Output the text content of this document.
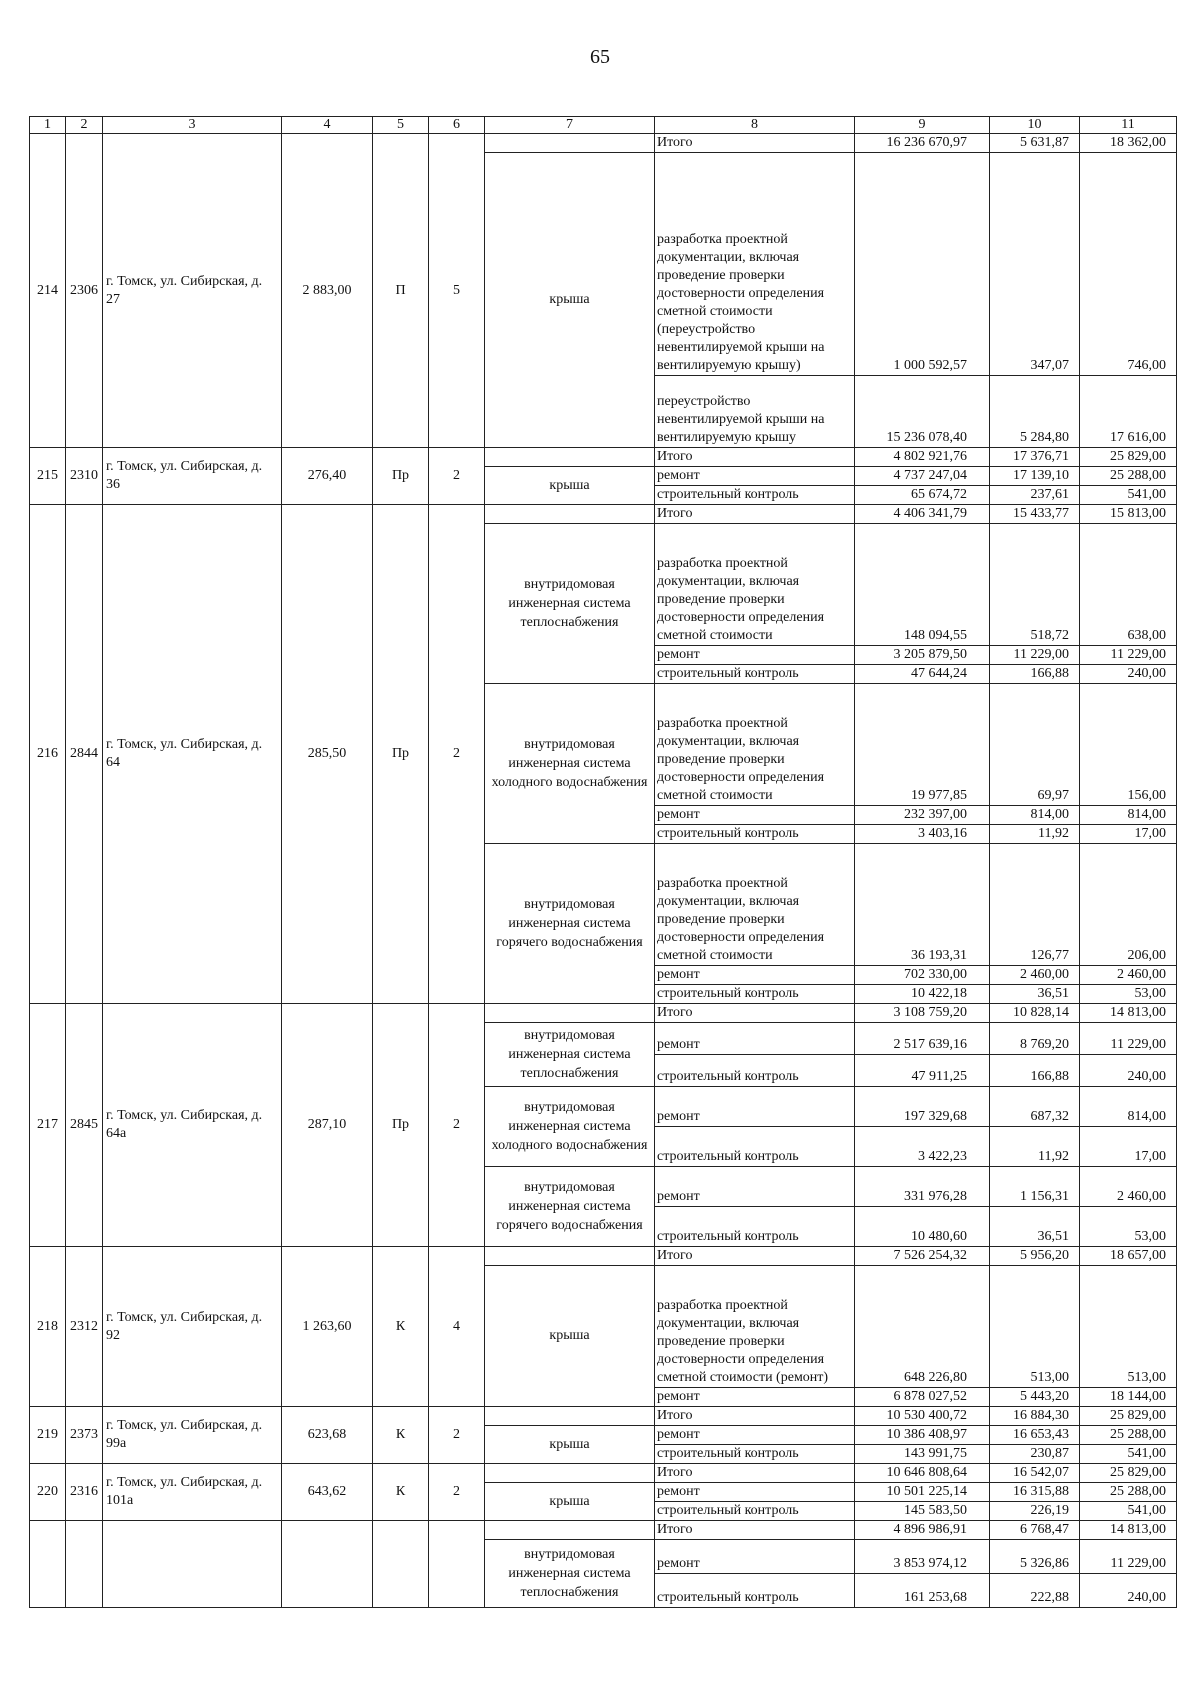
65
1	2	3	4	5	6	7	8	9	10	11
214	2306	г. Томск, ул. Сибирская, д. 27	2 883,00	П	5		Итого	16 236 670,97	5 631,87	18 362,00
						крыша	разработка проектной документации, включая проведение проверки достоверности определения сметной стоимости (переустройство невентилируемой крыши на вентилируемую крышу)	1 000 592,57	347,07	746,00
							переустройство невентилируемой крыши на вентилируемую крышу	15 236 078,40	5 284,80	17 616,00
215	2310	г. Томск, ул. Сибирская, д. 36	276,40	Пр	2		Итого	4 802 921,76	17 376,71	25 829,00
						крыша	ремонт	4 737 247,04	17 139,10	25 288,00
							строительный контроль	65 674,72	237,61	541,00
216	2844	г. Томск, ул. Сибирская, д. 64	285,50	Пр	2		Итого	4 406 341,79	15 433,77	15 813,00
						внутридомовая инженерная система теплоснабжения	разработка проектной документации, включая проведение проверки достоверности определения сметной стоимости	148 094,55	518,72	638,00
							ремонт	3 205 879,50	11 229,00	11 229,00
							строительный контроль	47 644,24	166,88	240,00
						внутридомовая инженерная система холодного водоснабжения	разработка проектной документации, включая проведение проверки достоверности определения сметной стоимости	19 977,85	69,97	156,00
							ремонт	232 397,00	814,00	814,00
							строительный контроль	3 403,16	11,92	17,00
						внутридомовая инженерная система горячего водоснабжения	разработка проектной документации, включая проведение проверки достоверности определения сметной стоимости	36 193,31	126,77	206,00
							ремонт	702 330,00	2 460,00	2 460,00
							строительный контроль	10 422,18	36,51	53,00
217	2845	г. Томск, ул. Сибирская, д. 64а	287,10	Пр	2		Итого	3 108 759,20	10 828,14	14 813,00
						внутридомовая инженерная система теплоснабжения	ремонт	2 517 639,16	8 769,20	11 229,00
							строительный контроль	47 911,25	166,88	240,00
						внутридомовая инженерная система холодного водоснабжения	ремонт	197 329,68	687,32	814,00
							строительный контроль	3 422,23	11,92	17,00
						внутридомовая инженерная система горячего водоснабжения	ремонт	331 976,28	1 156,31	2 460,00
							строительный контроль	10 480,60	36,51	53,00
218	2312	г. Томск, ул. Сибирская, д. 92	1 263,60	К	4		Итого	7 526 254,32	5 956,20	18 657,00
						крыша	разработка проектной документации, включая проведение проверки достоверности определения сметной стоимости (ремонт)	648 226,80	513,00	513,00
							ремонт	6 878 027,52	5 443,20	18 144,00
219	2373	г. Томск, ул. Сибирская, д. 99а	623,68	К	2		Итого	10 530 400,72	16 884,30	25 829,00
						крыша	ремонт	10 386 408,97	16 653,43	25 288,00
							строительный контроль	143 991,75	230,87	541,00
220	2316	г. Томск, ул. Сибирская, д. 101а	643,62	К	2		Итого	10 646 808,64	16 542,07	25 829,00
						крыша	ремонт	10 501 225,14	16 315,88	25 288,00
							строительный контроль	145 583,50	226,19	541,00
							Итого	4 896 986,91	6 768,47	14 813,00
						внутридомовая инженерная система теплоснабжения	ремонт	3 853 974,12	5 326,86	11 229,00
							строительный контроль	161 253,68	222,88	240,00
